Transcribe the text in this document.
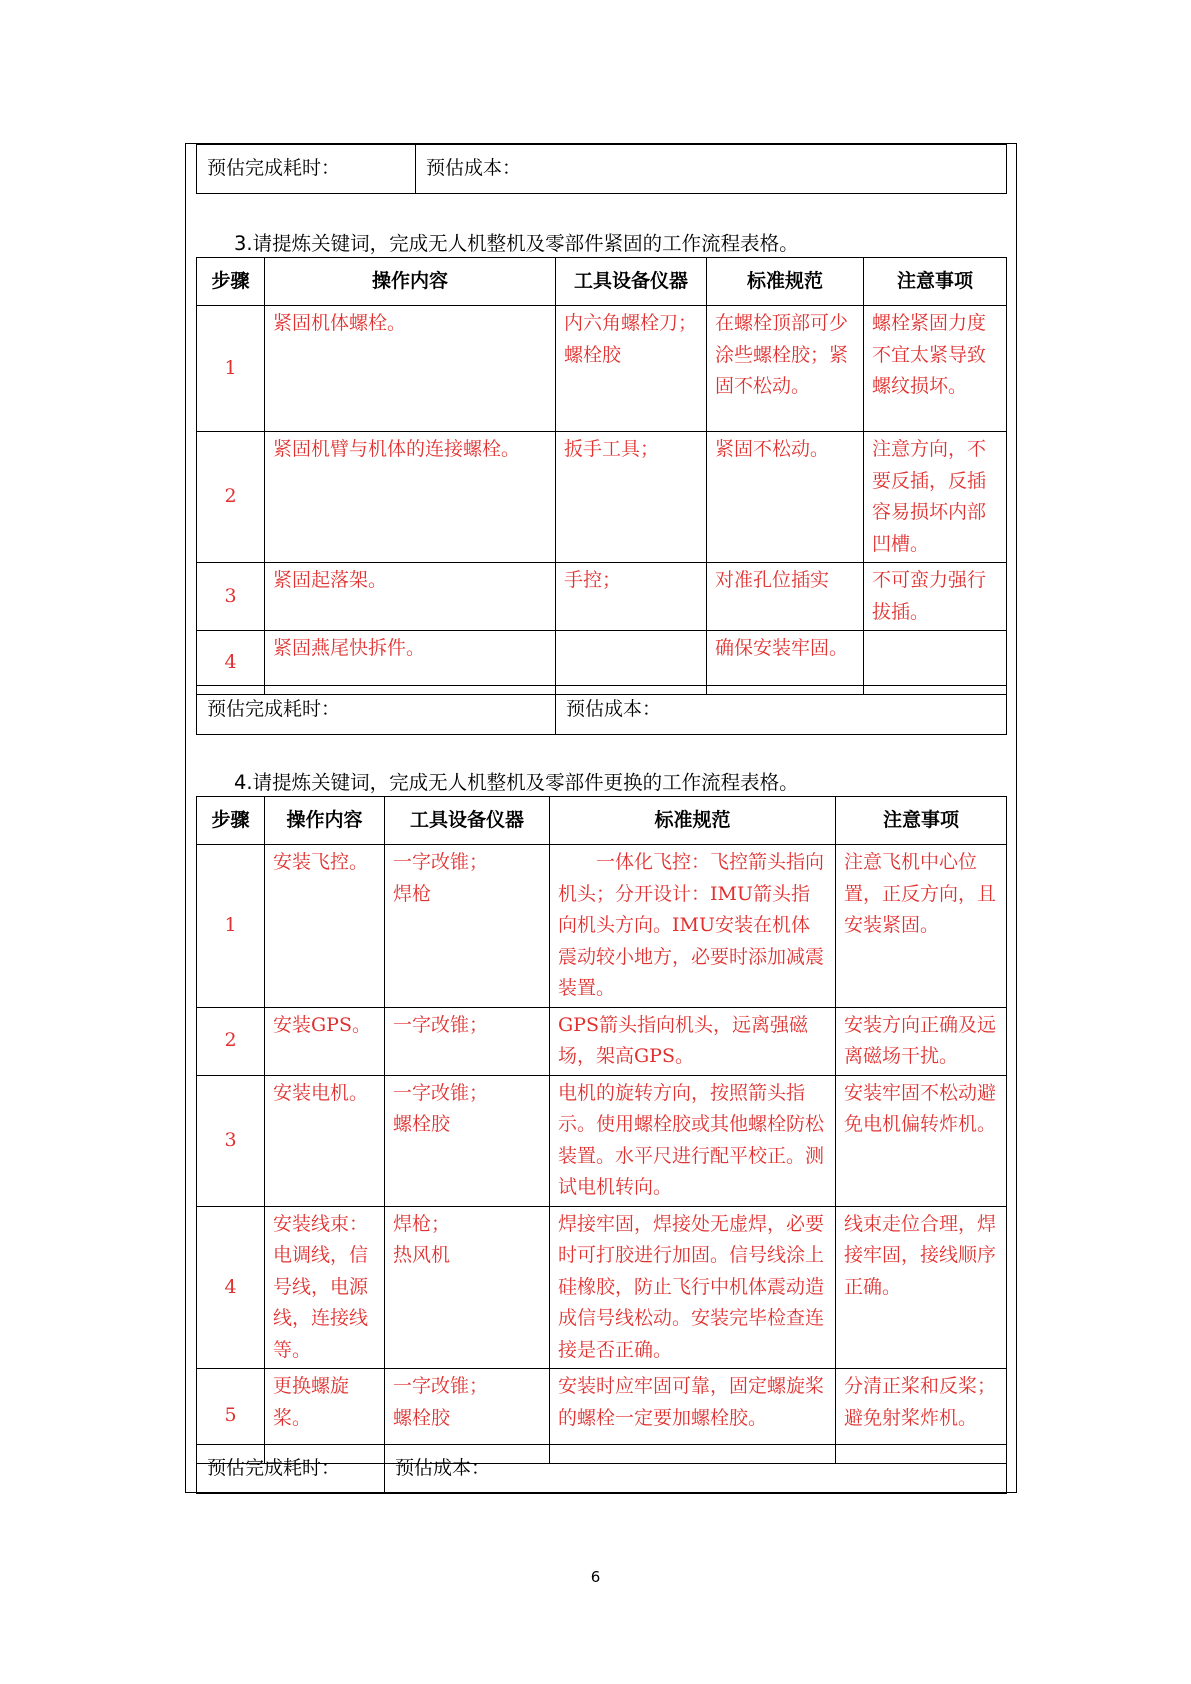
预估完成耗时：	预估成本：
3.请提炼关键词，完成无人机整机及零部件紧固的工作流程表格。
步骤	操作内容	工具设备仪器	标准规范	注意事项
1	紧固机体螺栓。	内六角螺栓刀；
螺栓胶	在螺栓顶部可少涂些螺栓胶；紧固不松动。	螺栓紧固力度不宜太紧导致螺纹损坏。
2	紧固机臂与机体的连接螺栓。	扳手工具；	紧固不松动。	注意方向，不要反插，反插容易损坏内部凹槽。
3	紧固起落架。	手控；	对准孔位插实	不可蛮力强行拔插。
4	紧固燕尾快拆件。		确保安装牢固。	
预估完成耗时：	预估成本：
4.请提炼关键词，完成无人机整机及零部件更换的工作流程表格。
步骤	操作内容	工具设备仪器	标准规范	注意事项
1	安装飞控。	一字改锥；
焊枪	一体化飞控：飞控箭头指向机头；分开设计：IMU箭头指向机头方向。IMU安装在机体震动较小地方，必要时添加减震装置。	注意飞机中心位置，正反方向，且安装紧固。
2	安装GPS。	一字改锥；	GPS箭头指向机头，远离强磁场，架高GPS。	安装方向正确及远离磁场干扰。
3	安装电机。	一字改锥；
螺栓胶	电机的旋转方向，按照箭头指示。使用螺栓胶或其他螺栓防松装置。水平尺进行配平校正。测试电机转向。	安装牢固不松动避免电机偏转炸机。
4	安装线束：电调线，信号线，电源线，连接线等。	焊枪；
热风机	焊接牢固，焊接处无虚焊，必要时可打胶进行加固。信号线涂上硅橡胶，防止飞行中机体震动造成信号线松动。安装完毕检查连接是否正确。	线束走位合理，焊接牢固，接线顺序正确。
5	更换螺旋桨。	一字改锥；
螺栓胶	安装时应牢固可靠，固定螺旋桨的螺栓一定要加螺栓胶。	分清正桨和反桨；避免射桨炸机。
预估完成耗时：	预估成本：
6
